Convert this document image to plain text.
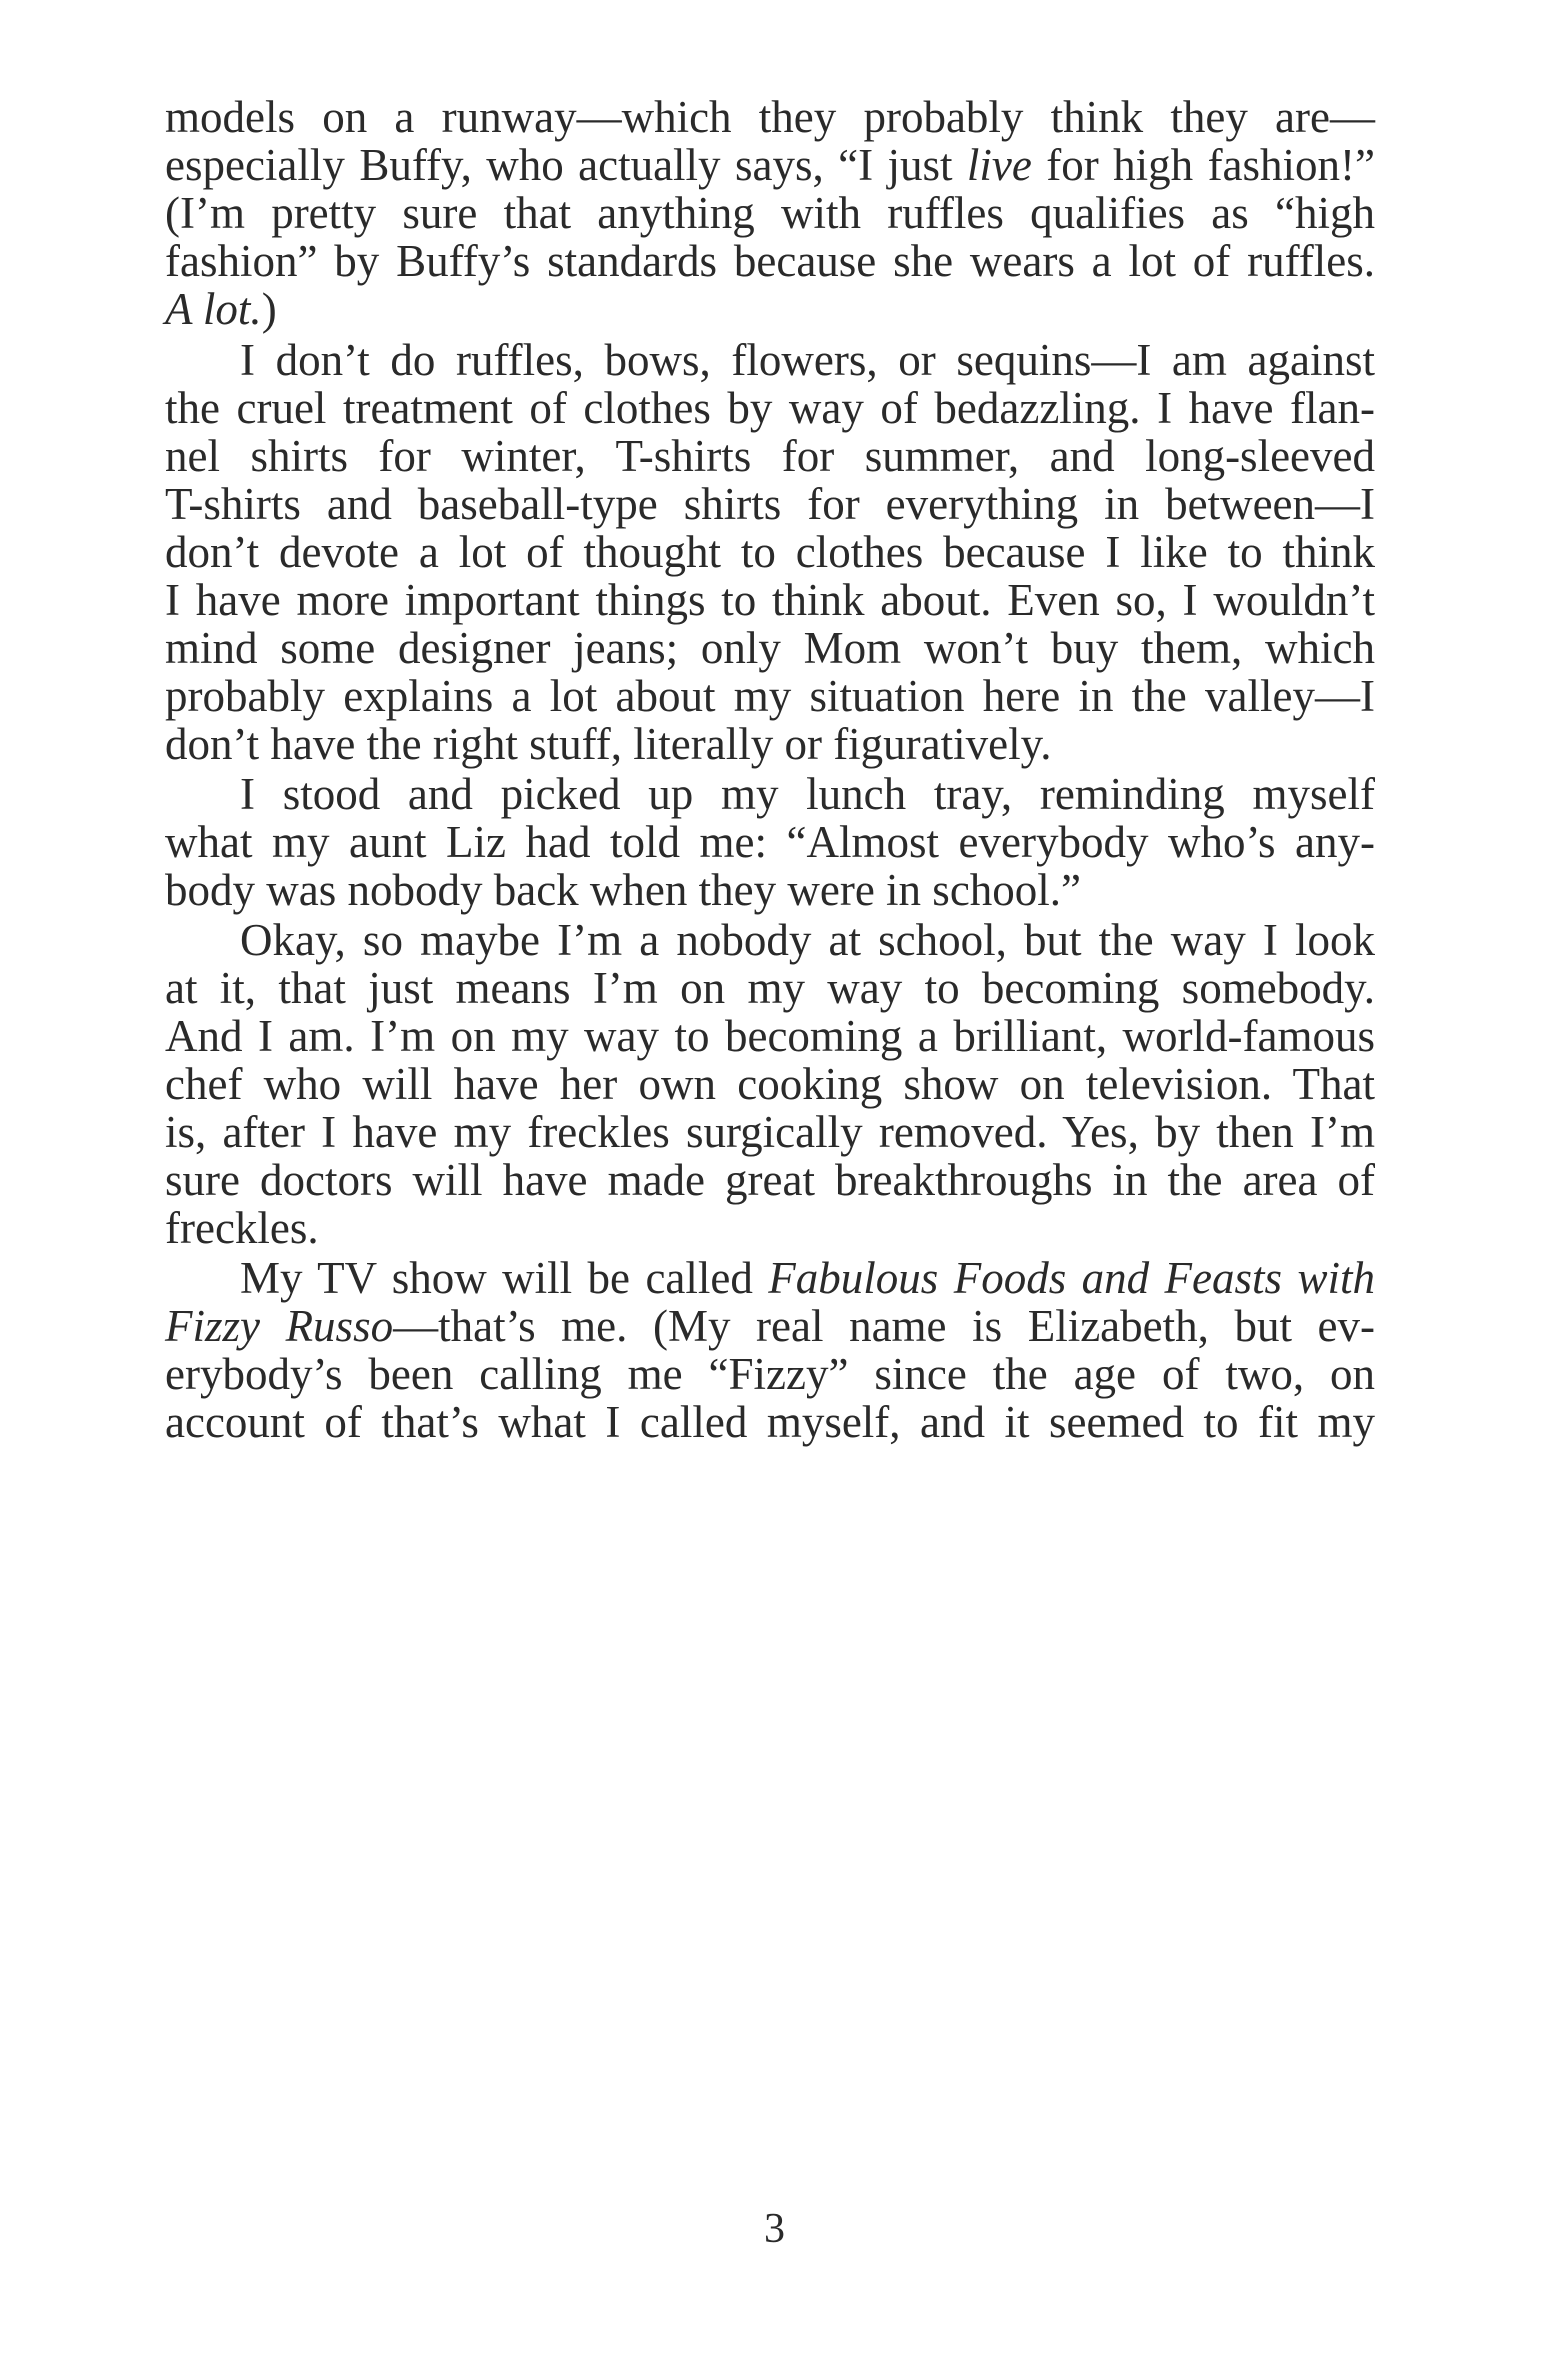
models on a runway—which they probably think they are—
especially Buffy, who actually says, “I just live for high fashion!”
(I’m pretty sure that anything with ruffles qualifies as “high
fashion” by Buffy’s standards because she wears a lot of ruffles.
A lot.)
I don’t do ruffles, bows, flowers, or sequins—I am against
the cruel treatment of clothes by way of bedazzling. I have flan-
nel shirts for winter, T-shirts for summer, and long-sleeved
T-shirts and baseball-type shirts for everything in between—I
don’t devote a lot of thought to clothes because I like to think
I have more important things to think about. Even so, I wouldn’t
mind some designer jeans; only Mom won’t buy them, which
probably explains a lot about my situation here in the valley—I
don’t have the right stuff, literally or figuratively.
I stood and picked up my lunch tray, reminding myself
what my aunt Liz had told me: “Almost everybody who’s any-
body was nobody back when they were in school.”
Okay, so maybe I’m a nobody at school, but the way I look
at it, that just means I’m on my way to becoming somebody.
And I am. I’m on my way to becoming a brilliant, world-famous
chef who will have her own cooking show on television. That
is, after I have my freckles surgically removed. Yes, by then I’m
sure doctors will have made great breakthroughs in the area of
freckles.
My TV show will be called Fabulous Foods and Feasts with
Fizzy Russo—that’s me. (My real name is Elizabeth, but ev-
erybody’s been calling me “Fizzy” since the age of two, on
account of that’s what I called myself, and it seemed to fit my
3
